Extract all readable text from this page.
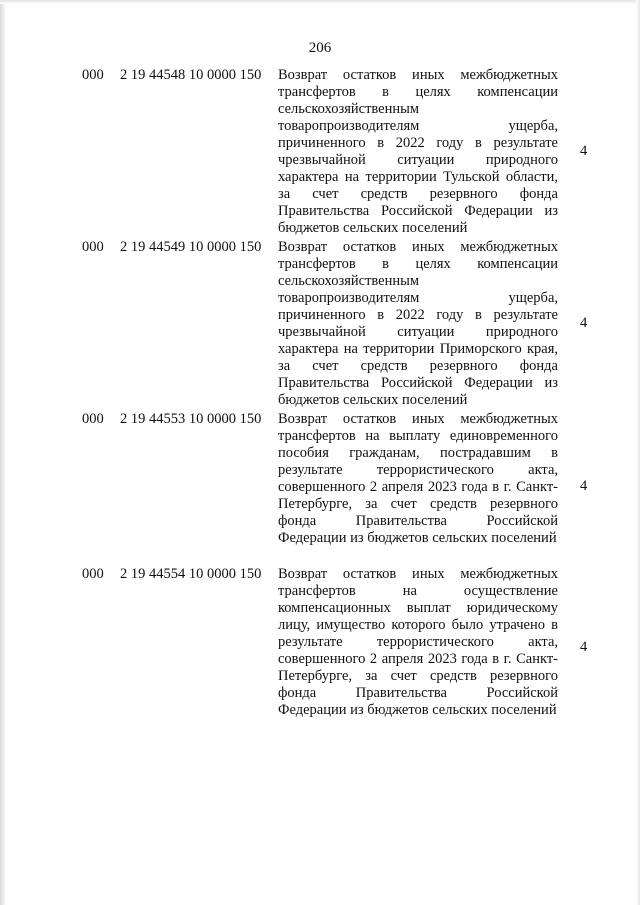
206
000 2 19 44548 10 0000 150 Возврат остатков иных межбюджетных трансфертов в целях компенсации сельскохозяйственным товаропроизводителям ущерба, причиненного в 2022 году в результате чрезвычайной ситуации природного характера на территории Тульской области, за счет средств резервного фонда Правительства Российской Федерации из бюджетов сельских поселений
4
000 2 19 44549 10 0000 150 Возврат остатков иных межбюджетных трансфертов в целях компенсации сельскохозяйственным товаропроизводителям ущерба, причиненного в 2022 году в результате чрезвычайной ситуации природного характера на территории Приморского края, за счет средств резервного фонда Правительства Российской Федерации из бюджетов сельских поселений
4
000 2 19 44553 10 0000 150 Возврат остатков иных межбюджетных трансфертов на выплату единовременного пособия гражданам, пострадавшим в результате террористического акта, совершенного 2 апреля 2023 года в г. Санкт-Петербурге, за счет средств резервного фонда Правительства Российской Федерации из бюджетов сельских поселений
4
000 2 19 44554 10 0000 150 Возврат остатков иных межбюджетных трансфертов на осуществление компенсационных выплат юридическому лицу, имущество которого было утрачено в результате террористического акта, совершенного 2 апреля 2023 года в г. Санкт-Петербурге, за счет средств резервного фонда Правительства Российской Федерации из бюджетов сельских поселений
4
